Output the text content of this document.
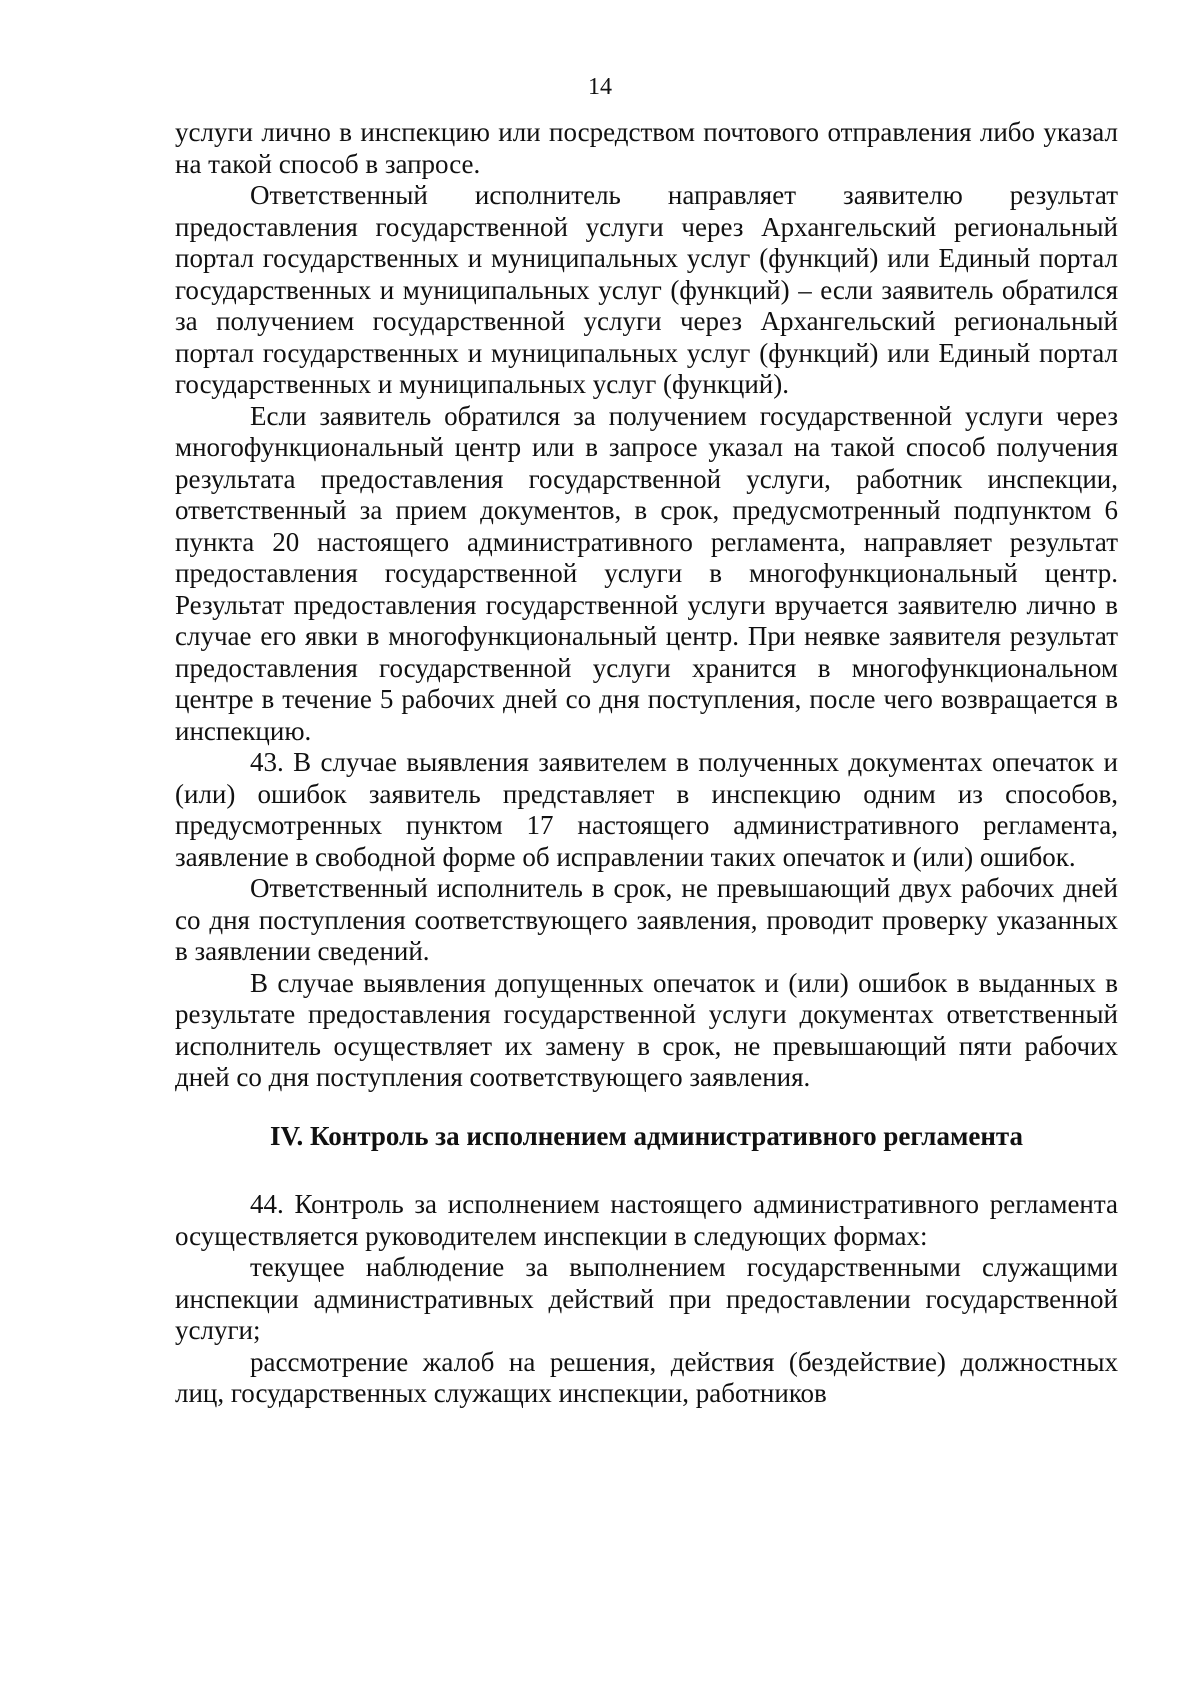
14

услуги лично в инспекцию или посредством почтового отправления либо указал на такой способ в запросе.

Ответственный исполнитель направляет заявителю результат предоставления государственной услуги через Архангельский региональный портал государственных и муниципальных услуг (функций) или Единый портал государственных и муниципальных услуг (функций) – если заявитель обратился за получением государственной услуги через Архангельский региональный портал государственных и муниципальных услуг (функций) или Единый портал государственных и муниципальных услуг (функций).

Если заявитель обратился за получением государственной услуги через многофункциональный центр или в запросе указал на такой способ получения результата предоставления государственной услуги, работник инспекции, ответственный за прием документов, в срок, предусмотренный подпунктом 6 пункта 20 настоящего административного регламента, направляет результат предоставления государственной услуги в многофункциональный центр. Результат предоставления государственной услуги вручается заявителю лично в случае его явки в многофункциональный центр. При неявке заявителя результат предоставления государственной услуги хранится в многофункциональном центре в течение 5 рабочих дней со дня поступления, после чего возвращается в инспекцию.

43. В случае выявления заявителем в полученных документах опечаток и (или) ошибок заявитель представляет в инспекцию одним из способов, предусмотренных пунктом 17 настоящего административного регламента, заявление в свободной форме об исправлении таких опечаток и (или) ошибок.

Ответственный исполнитель в срок, не превышающий двух рабочих дней со дня поступления соответствующего заявления, проводит проверку указанных в заявлении сведений.

В случае выявления допущенных опечаток и (или) ошибок в выданных в результате предоставления государственной услуги документах ответственный исполнитель осуществляет их замену в срок, не превышающий пяти рабочих дней со дня поступления соответствующего заявления.

IV. Контроль за исполнением административного регламента

44. Контроль за исполнением настоящего административного регламента осуществляется руководителем инспекции в следующих формах:

текущее наблюдение за выполнением государственными служащими инспекции административных действий при предоставлении государственной услуги;

рассмотрение жалоб на решения, действия (бездействие) должностных лиц, государственных служащих инспекции, работников
